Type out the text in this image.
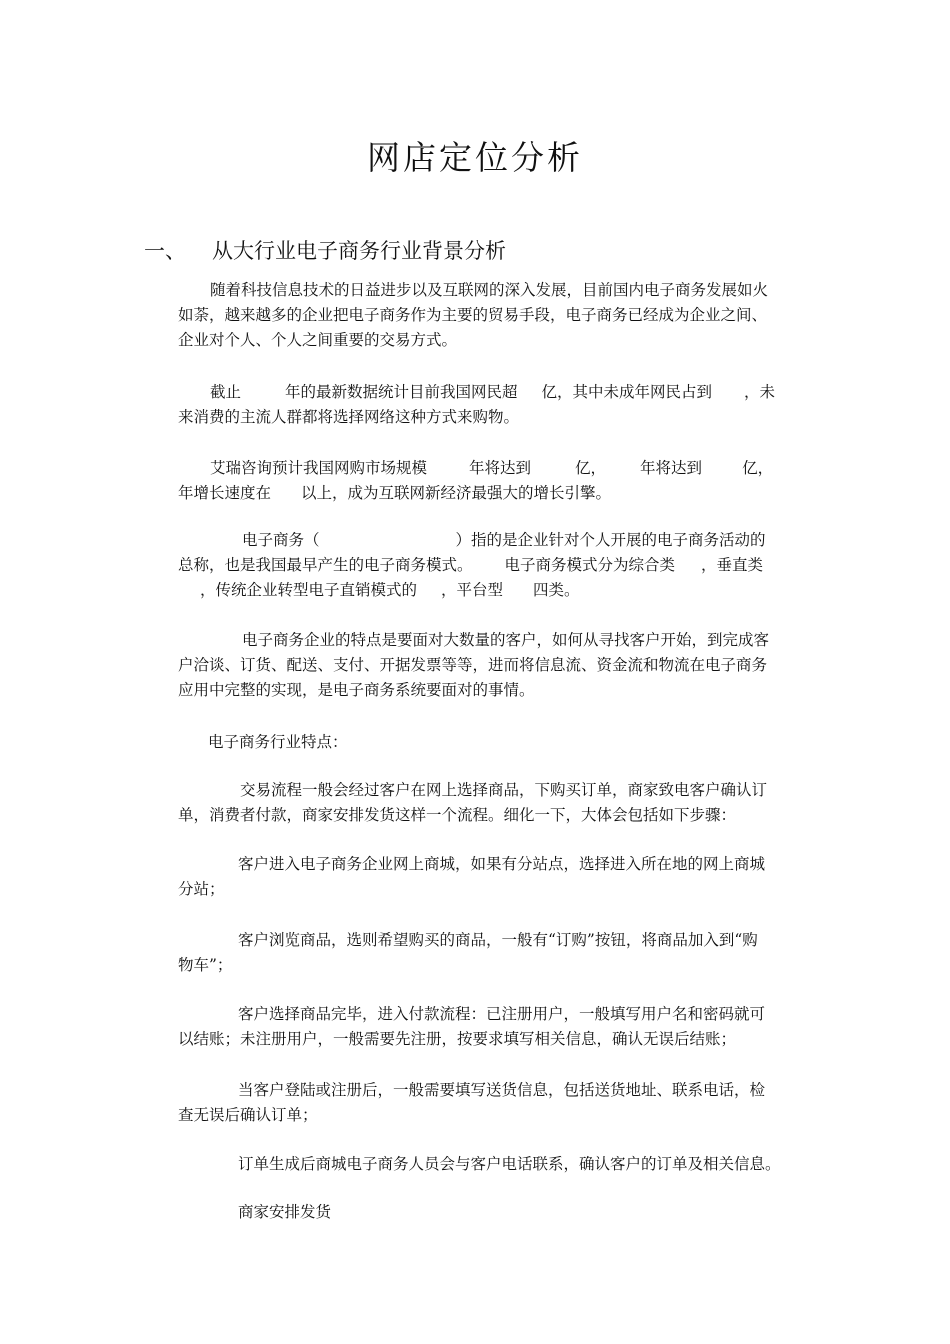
网店定位分析
一、 从大行业电子商务行业背景分析
随着科技信息技术的日益进步以及互联网的深入发展，目前国内电子商务发展如火
如荼，越来越多的企业把电子商务作为主要的贸易手段，电子商务已经成为企业之间、
企业对个人、个人之间重要的交易方式。
截止	年的最新数据统计目前我国网民超 亿，其中未成年网民占到 ，未
来消费的主流人群都将选择网络这种方式来购物。
艾瑞咨询预计我国网购市场规模	年将达到	亿， 年将达到	亿，
年增长速度在 以上，成为互联网新经济最强大的增长引擎。
电子商务（	）指的是企业针对个人开展的电子商务活动的
总称，也是我国最早产生的电子商务模式。 电子商务模式分为综合类 ，垂直类
，传统企业转型电子直销模式的 ，平台型 四类。
电子商务企业的特点是要面对大数量的客户，如何从寻找客户开始，到完成客
户洽谈、订货、配送、支付、开据发票等等，进而将信息流、资金流和物流在电子商务
应用中完整的实现，是电子商务系统要面对的事情。
电子商务行业特点：
交易流程一般会经过客户在网上选择商品，下购买订单，商家致电客户确认订
单，消费者付款，商家安排发货这样一个流程。细化一下，大体会包括如下步骤：
客户进入电子商务企业网上商城，如果有分站点，选择进入所在地的网上商城
分站；
客户浏览商品，选则希望购买的商品，一般有“订购”按钮，将商品加入到“购
物车”；
客户选择商品完毕，进入付款流程：已注册用户，一般填写用户名和密码就可
以结账；未注册用户，一般需要先注册，按要求填写相关信息，确认无误后结账；
当客户登陆或注册后，一般需要填写送货信息，包括送货地址、联系电话，检
查无误后确认订单；
订单生成后商城电子商务人员会与客户电话联系，确认客户的订单及相关信息。
商家安排发货
